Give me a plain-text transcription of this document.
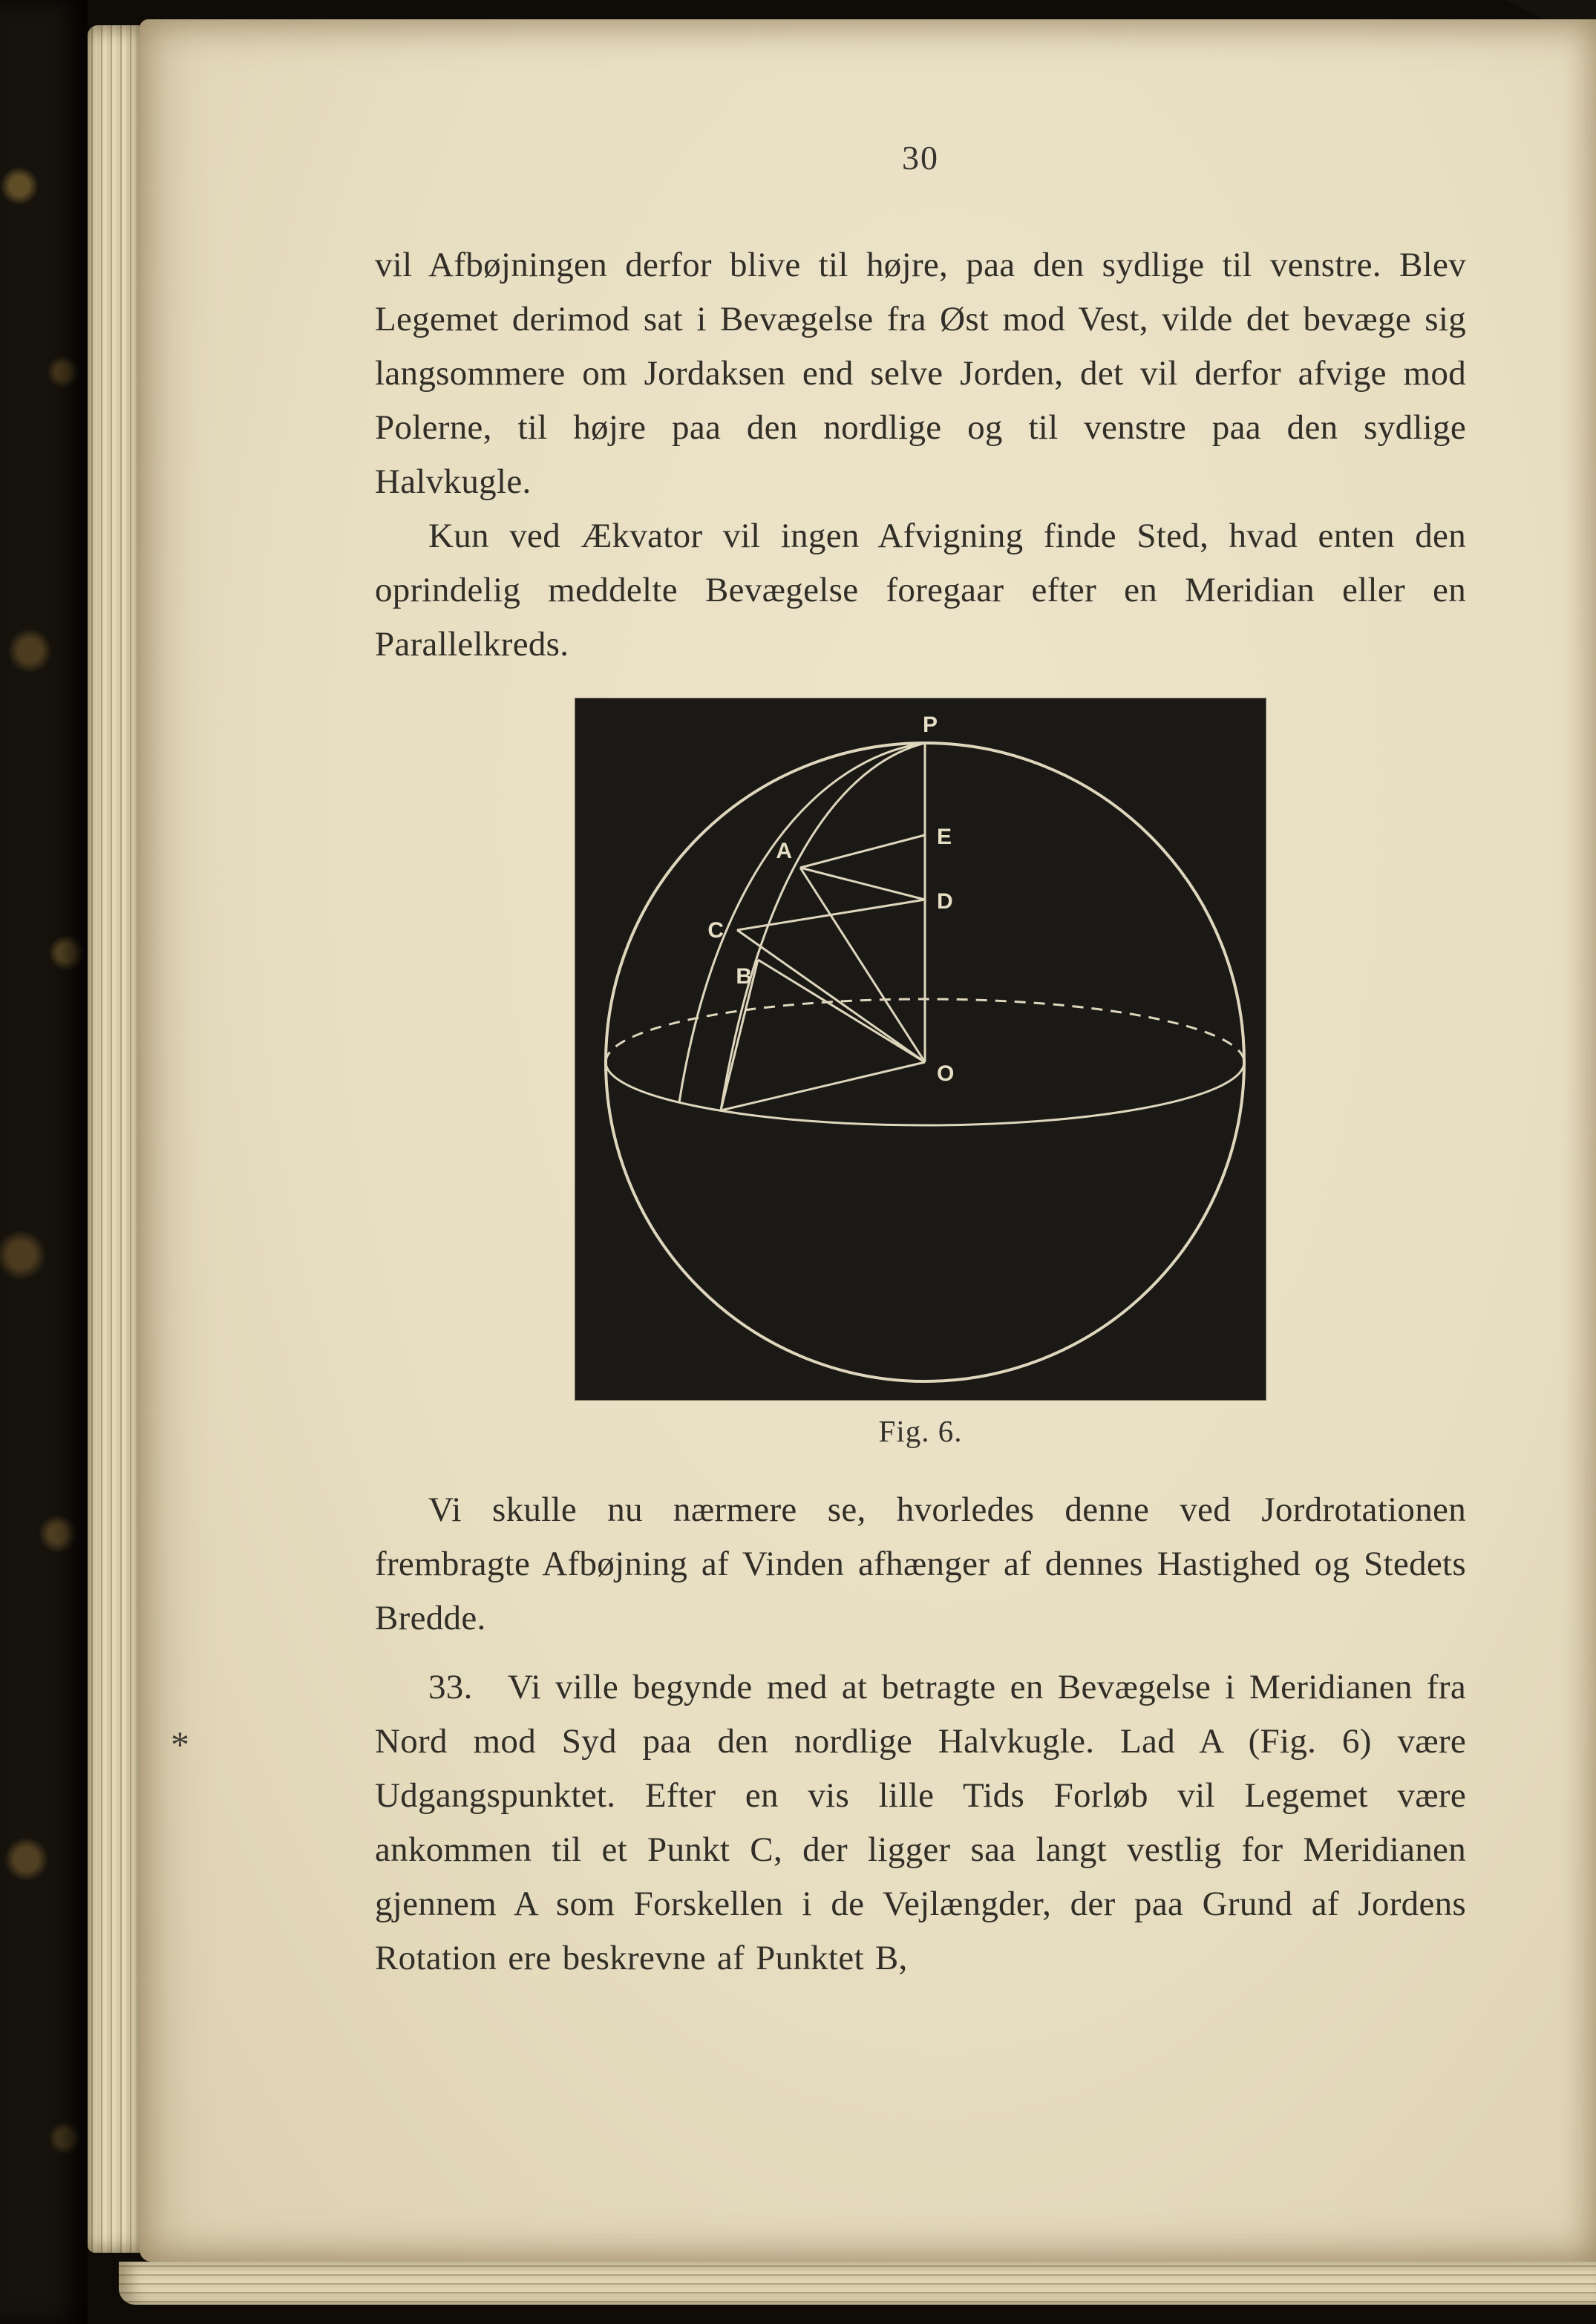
30
*

vil Afbøjningen derfor blive til højre, paa den sydlige til venstre. Blev Legemet derimod sat i Bevægelse fra Øst mod Vest, vilde det bevæge sig langsommere om Jordaksen end selve Jorden, det vil derfor afvige mod Polerne, til højre paa den nordlige og til venstre paa den sydlige Halvkugle.

Kun ved Ækvator vil ingen Afvigning finde Sted, hvad enten den oprindelig meddelte Bevægelse foregaar efter en Meridian eller en Parallelkreds.

P
E
D
A
C
B
O
Fig. 6.

Vi skulle nu nærmere se, hvorledes denne ved Jordrotationen frembragte Afbøjning af Vinden afhænger af dennes Hastighed og Stedets Bredde.

33. Vi ville begynde med at betragte en Bevægelse i Meridianen fra Nord mod Syd paa den nordlige Halvkugle. Lad A (Fig. 6) være Udgangspunktet. Efter en vis lille Tids Forløb vil Legemet være ankommen til et Punkt C, der ligger saa langt vestlig for Meridianen gjennem A som Forskellen i de Vejlængder, der paa Grund af Jordens Rotation ere beskrevne af Punktet B,
